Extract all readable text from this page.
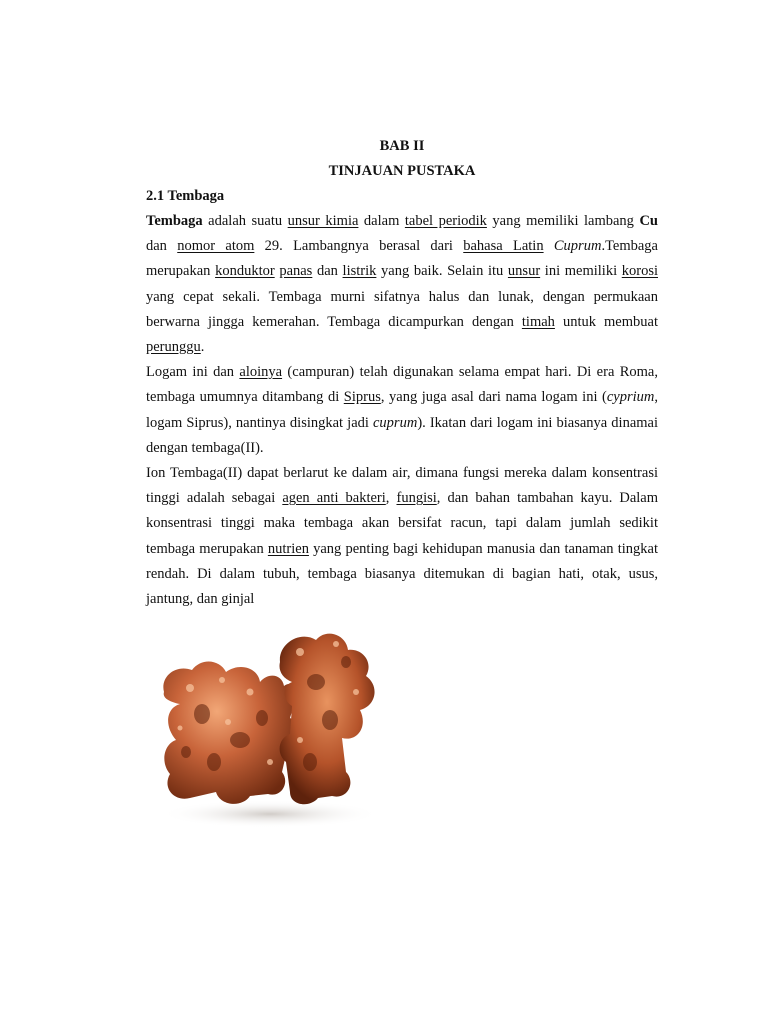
BAB II
TINJAUAN PUSTAKA
2.1 Tembaga

Tembaga adalah suatu unsur kimia dalam tabel periodik yang memiliki lambang Cu dan nomor atom 29. Lambangnya berasal dari bahasa Latin Cuprum.Tembaga merupakan konduktor panas dan listrik yang baik. Selain itu unsur ini memiliki korosi yang cepat sekali. Tembaga murni sifatnya halus dan lunak, dengan permukaan berwarna jingga kemerahan. Tembaga dicampurkan dengan timah untuk membuat perunggu.

Logam ini dan aloinya (campuran) telah digunakan selama empat hari. Di era Roma, tembaga umumnya ditambang di Siprus, yang juga asal dari nama logam ini (cyprium, logam Siprus), nantinya disingkat jadi cuprum). Ikatan dari logam ini biasanya dinamai dengan tembaga(II).

Ion Tembaga(II) dapat berlarut ke dalam air, dimana fungsi mereka dalam konsentrasi tinggi adalah sebagai agen anti bakteri, fungisi, dan bahan tambahan kayu. Dalam konsentrasi tinggi maka tembaga akan bersifat racun, tapi dalam jumlah sedikit tembaga merupakan nutrien yang penting bagi kehidupan manusia dan tanaman tingkat rendah. Di dalam tubuh, tembaga biasanya ditemukan di bagian hati, otak, usus, jantung, dan ginjal
